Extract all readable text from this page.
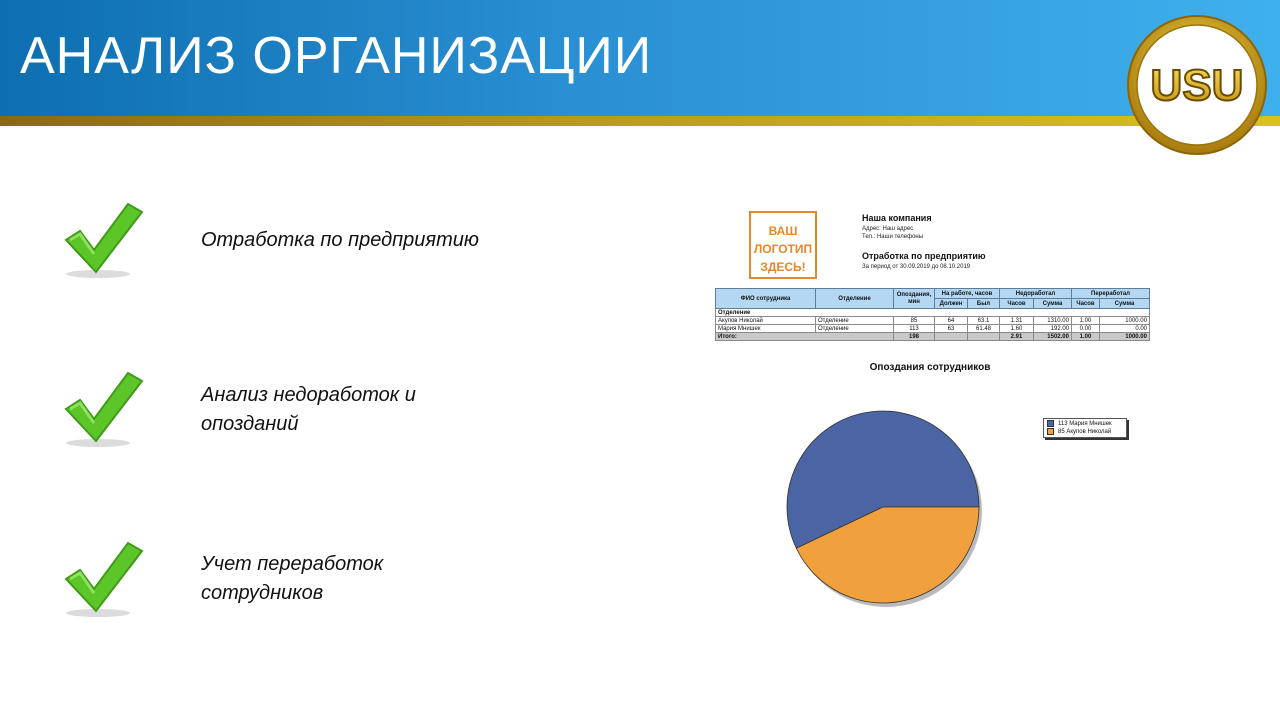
АНАЛИЗ ОРГАНИЗАЦИИ
USU
Отработка по предприятию
Анализ недоработок и
опозданий
Учет переработок
сотрудников
ВАШ
ЛОГОТИП
ЗДЕСЬ!
Наша компания
Адрес: Наш адрес
Тел.: Наши телефоны
Отработка по предприятию
За период от 30.09.2019 до 08.10.2019
ФИО сотрудника	Отделение	Опоздания, мин	На работе, часов		Недоработал		Переработал	
			Должен	Был	Часов	Сумма	Часов	Сумма
Отделение								
Акупов Николай	Отделение	85	64	63.1	1.31	1310.00	1.00	1000.00
Мария Мнишек	Отделение	113	63	61.48	1.60	192.00	0.00	0.00
Итого:		198			2.91	1502.00	1.00	1000.00
Опоздания сотрудников
113 Мария Мнишек
85 Акупов Николай
